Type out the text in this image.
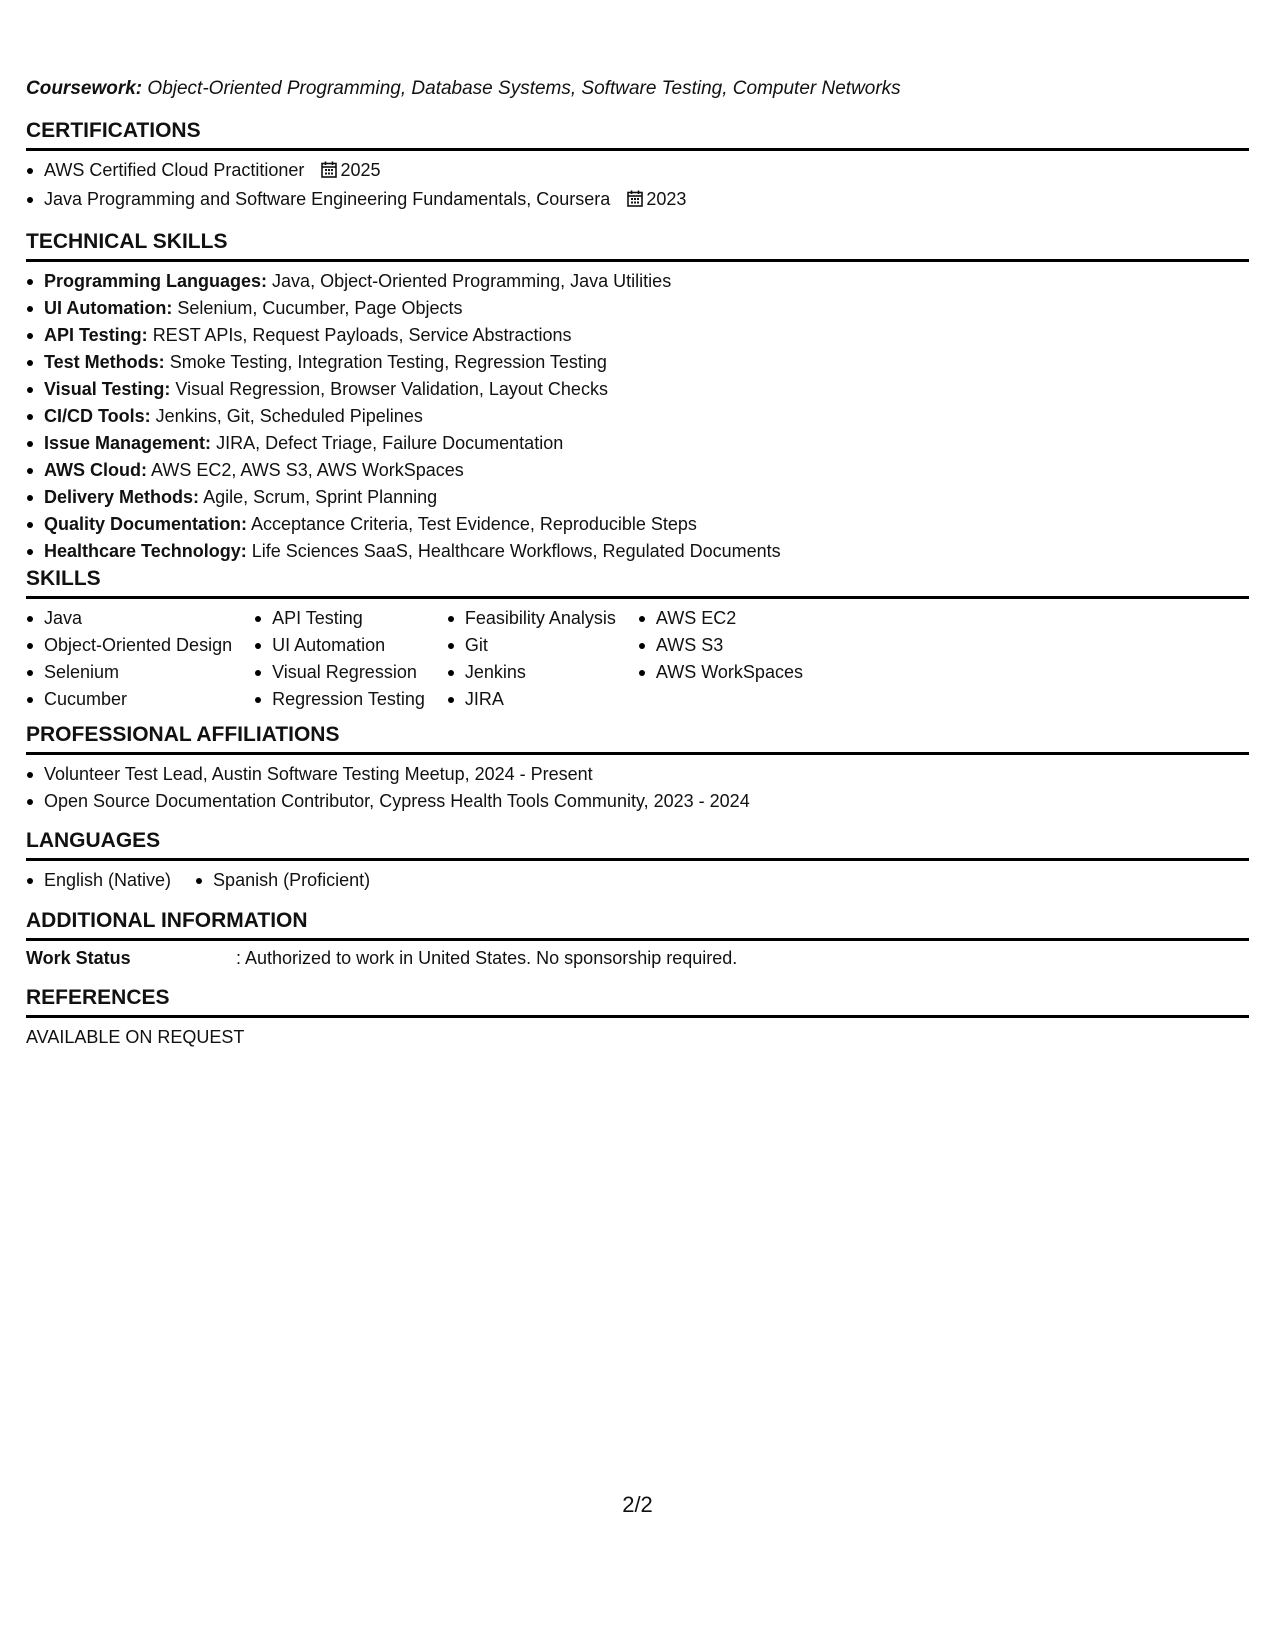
Coursework: Object-Oriented Programming, Database Systems, Software Testing, Computer Networks
CERTIFICATIONS
AWS Certified Cloud Practitioner 2025
Java Programming and Software Engineering Fundamentals, Coursera 2023
TECHNICAL SKILLS
Programming Languages: Java, Object-Oriented Programming, Java Utilities
UI Automation: Selenium, Cucumber, Page Objects
API Testing: REST APIs, Request Payloads, Service Abstractions
Test Methods: Smoke Testing, Integration Testing, Regression Testing
Visual Testing: Visual Regression, Browser Validation, Layout Checks
CI/CD Tools: Jenkins, Git, Scheduled Pipelines
Issue Management: JIRA, Defect Triage, Failure Documentation
AWS Cloud: AWS EC2, AWS S3, AWS WorkSpaces
Delivery Methods: Agile, Scrum, Sprint Planning
Quality Documentation: Acceptance Criteria, Test Evidence, Reproducible Steps
Healthcare Technology: Life Sciences SaaS, Healthcare Workflows, Regulated Documents
SKILLS
Java
Object-Oriented Design
Selenium
Cucumber
API Testing
UI Automation
Visual Regression
Regression Testing
Feasibility Analysis
Git
Jenkins
JIRA
AWS EC2
AWS S3
AWS WorkSpaces
PROFESSIONAL AFFILIATIONS
Volunteer Test Lead, Austin Software Testing Meetup, 2024 - Present
Open Source Documentation Contributor, Cypress Health Tools Community, 2023 - 2024
LANGUAGES
English (Native)	Spanish (Proficient)
ADDITIONAL INFORMATION
Work Status	: Authorized to work in United States. No sponsorship required.
REFERENCES
AVAILABLE ON REQUEST
2/2
